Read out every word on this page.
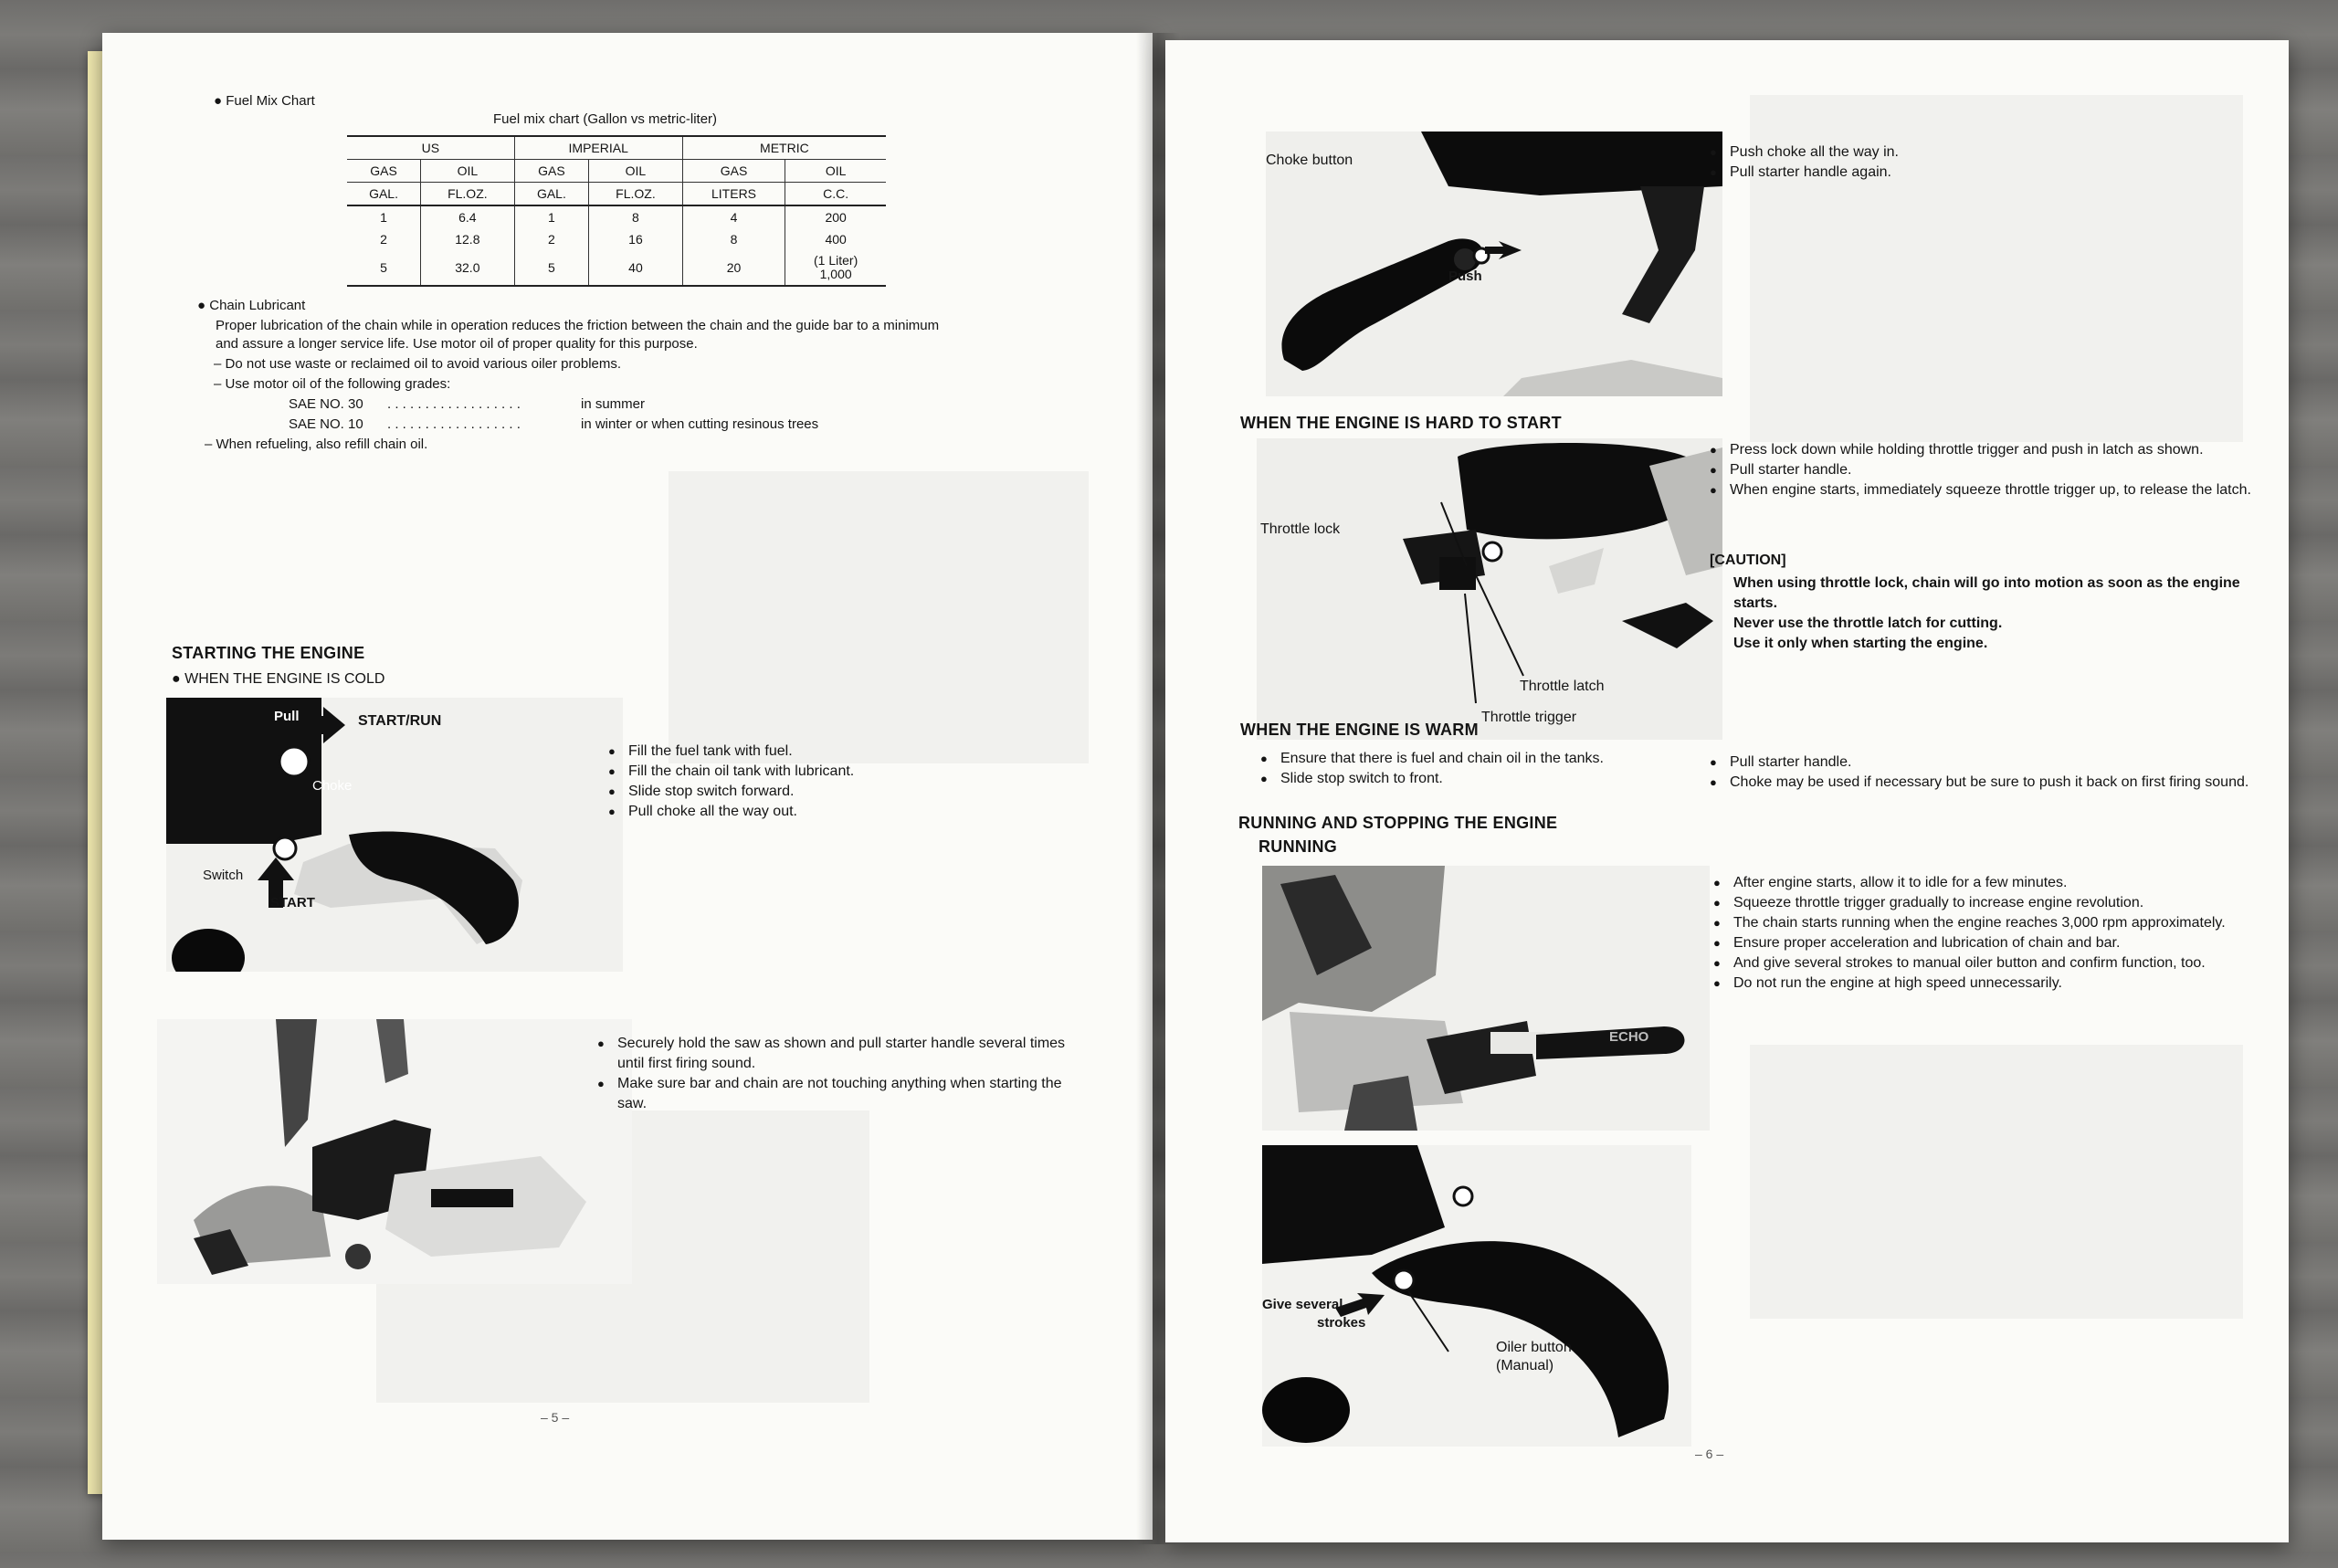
● Fuel Mix Chart
Fuel mix chart (Gallon vs metric-liter)
US		IMPERIAL		METRIC	
GAS	OIL	GAS	OIL	GAS	OIL
GAL.	FL.OZ.	GAL.	FL.OZ.	LITERS	C.C.
1	6.4	1	8	4	200
2	12.8	2	16	8	400
5	32.0	5	40	20	(1 Liter)
1,000
● Chain Lubricant
Proper lubrication of the chain while in operation reduces the friction between the chain and the guide bar to a minimum
and assure a longer service life. Use motor oil of proper quality for this purpose.
– Do not use waste or reclaimed oil to avoid various oiler problems.
– Use motor oil of the following grades:
SAE NO. 30 . . . . . . . . . . . . . . . . . .	in summer
SAE NO. 10 . . . . . . . . . . . . . . . . . .	in winter or when cutting resinous trees
– When refueling, also refill chain oil.
STARTING THE ENGINE
● WHEN THE ENGINE IS COLD
Pull	START/RUN
Choke
Switch
START
● Fill the fuel tank with fuel.
● Fill the chain oil tank with lubricant.
● Slide stop switch forward.
● Pull choke all the way out.
● Securely hold the saw as shown and pull starter handle several times until first firing sound.
● Make sure bar and chain are not touching anything when starting the saw.
– 5 –
Choke button
Push
● Push choke all the way in.
● Pull starter handle again.
WHEN THE ENGINE IS HARD TO START
Throttle lock
Throttle latch
Throttle trigger
● Press lock down while holding throttle trigger and push in latch as shown.
● Pull starter handle.
● When engine starts, immediately squeeze throttle trigger up, to release the latch.
[CAUTION]
When using throttle lock, chain will go into motion as soon as the engine starts.
Never use the throttle latch for cutting.
Use it only when starting the engine.
WHEN THE ENGINE IS WARM
● Ensure that there is fuel and chain oil in the tanks.
● Slide stop switch to front.
● Pull starter handle.
● Choke may be used if necessary but be sure to push it back on first firing sound.
RUNNING AND STOPPING THE ENGINE
RUNNING
ECHO
● After engine starts, allow it to idle for a few minutes.
● Squeeze throttle trigger gradually to increase engine revolution.
● The chain starts running when the engine reaches 3,000 rpm approximately.
● Ensure proper acceleration and lubrication of chain and bar.
● And give several strokes to manual oiler button and confirm function, too.
● Do not run the engine at high speed unnecessarily.
Give several
strokes
Oiler button
(Manual)
– 6 –
